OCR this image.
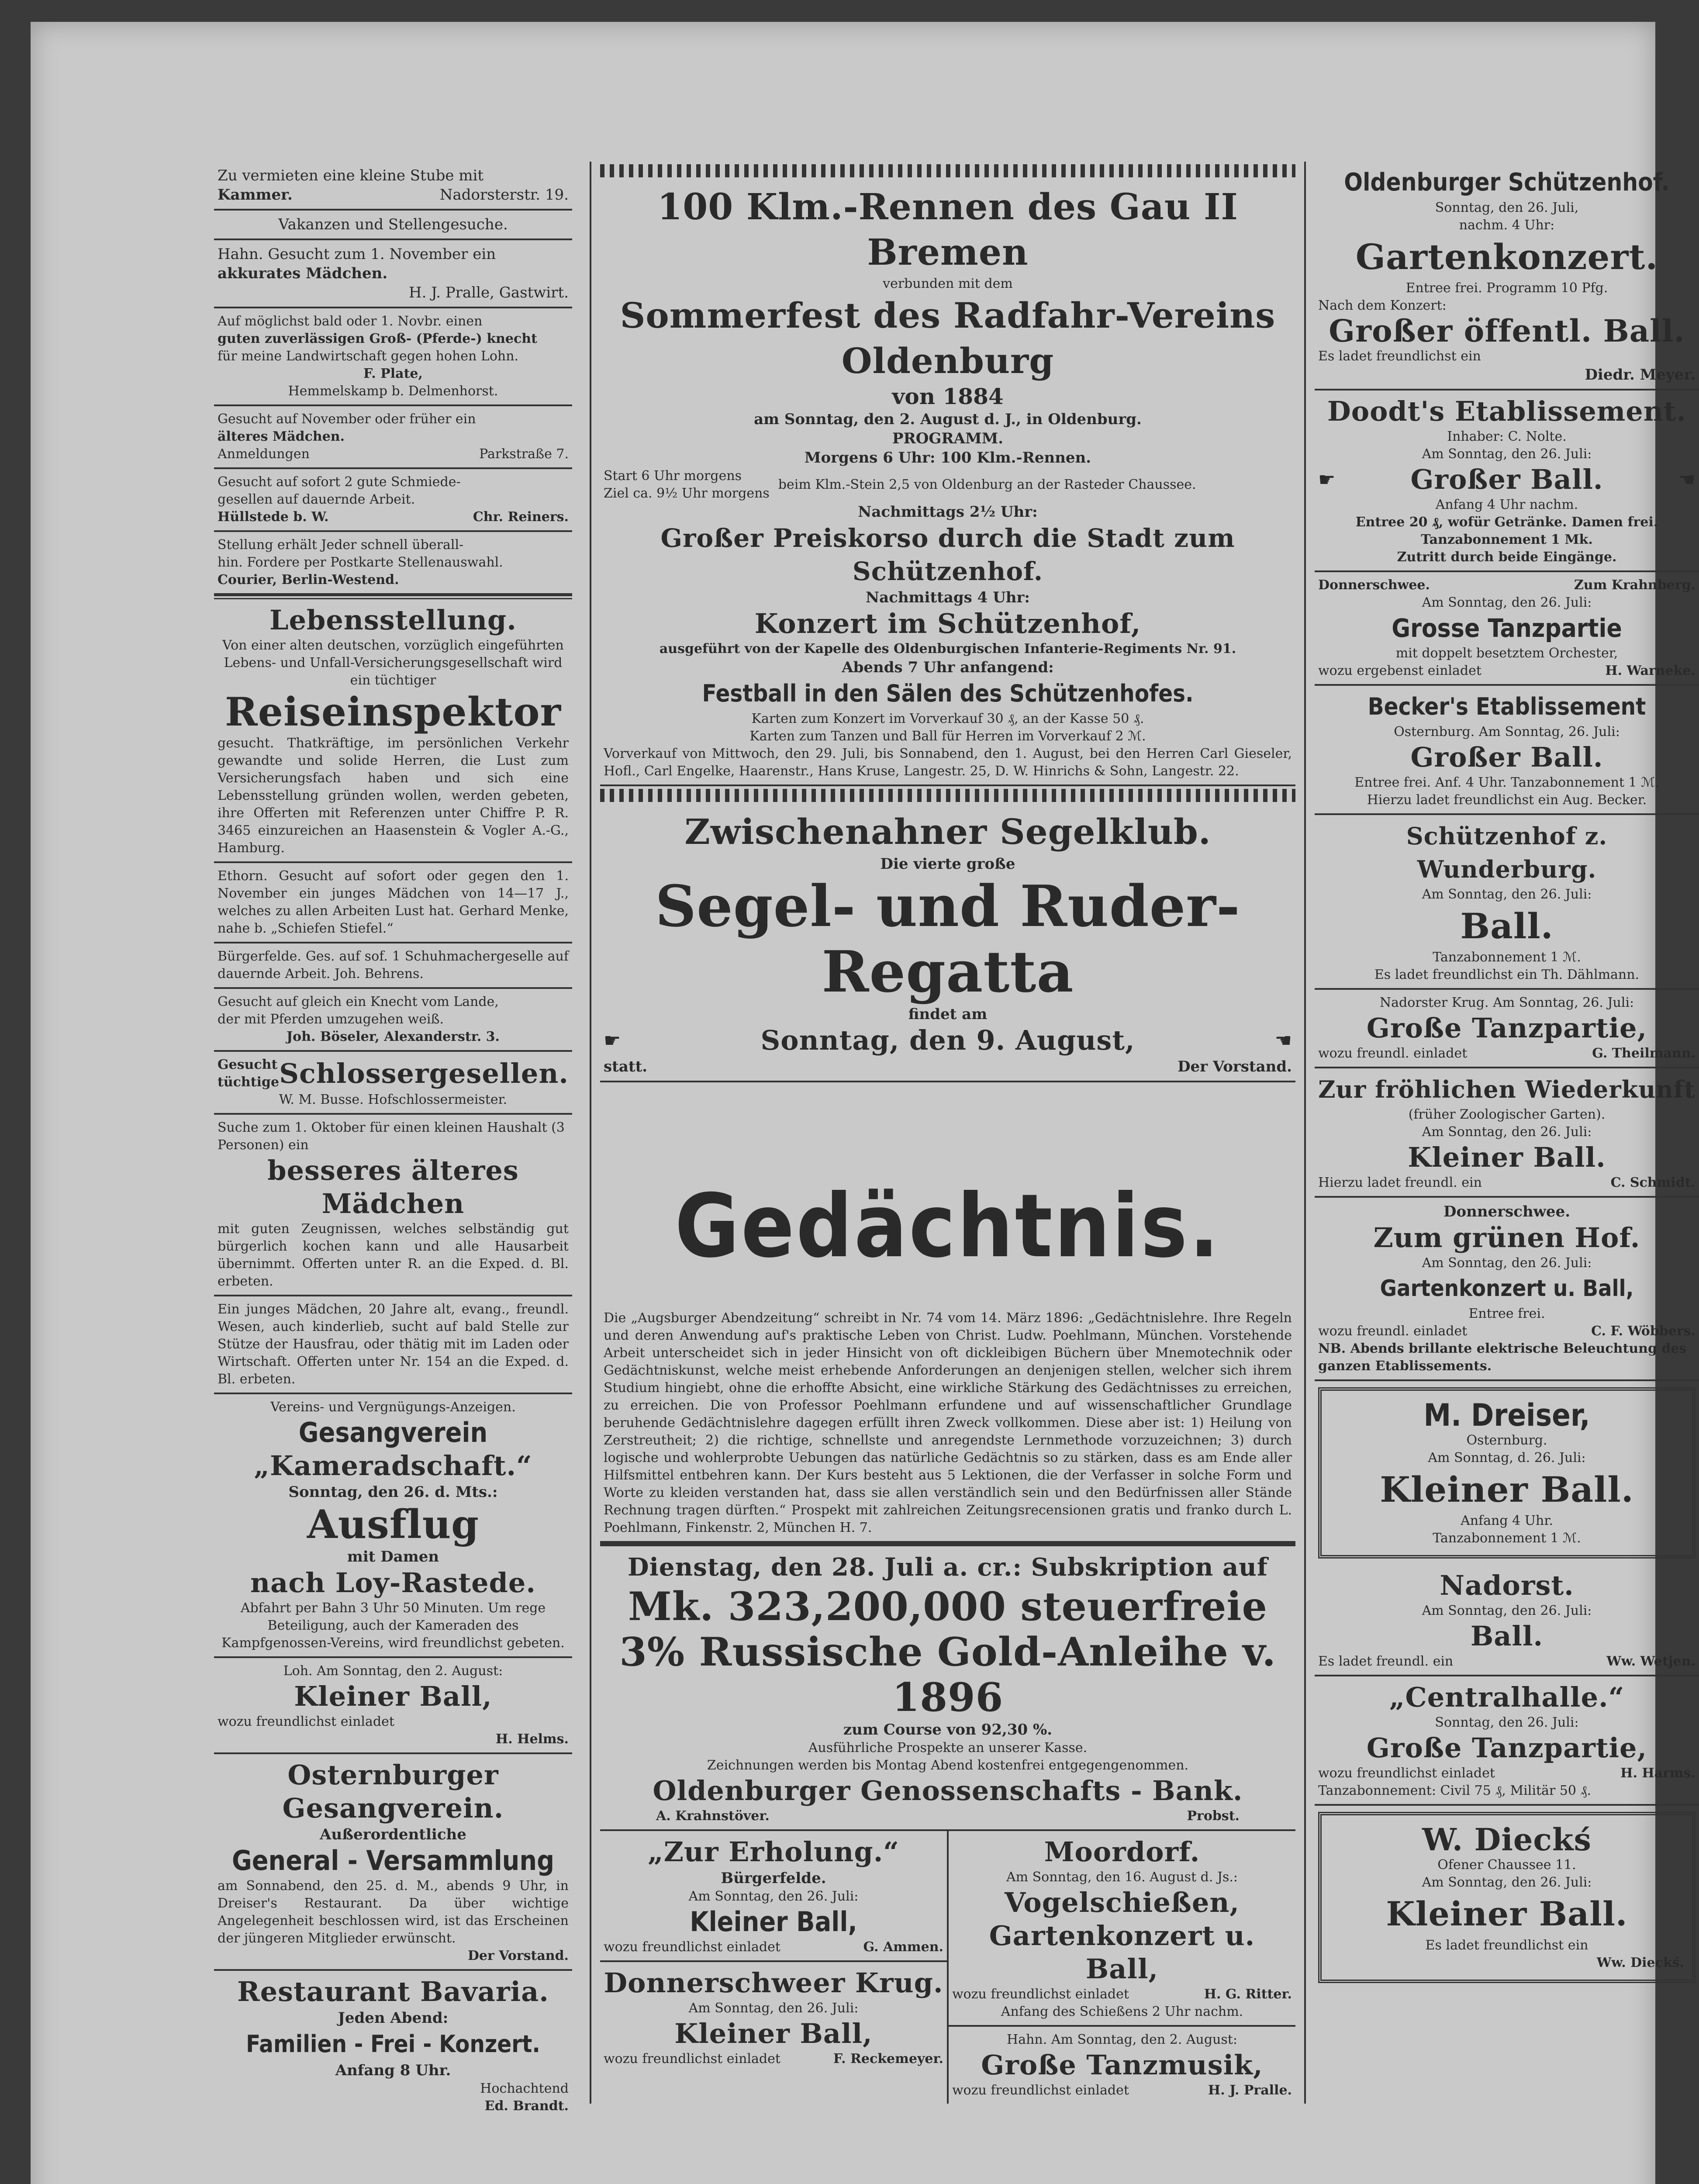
Zu vermieten eine kleine Stube mit
Kammer.	Nadorsterstr. 19.
Vakanzen und Stellengesuche.
Hahn. Gesucht zum 1. November ein
akkurates Mädchen.
H. J. Pralle, Gastwirt.
Auf möglichst bald oder 1. Novbr. einen
guten zuverlässigen Groß- (Pferde-) knecht
für meine Landwirtschaft gegen hohen Lohn.
F. Plate,
Hemmelskamp b. Delmenhorst.
Gesucht auf November oder früher ein
älteres Mädchen.
Anmeldungen	Parkstraße 7.
Gesucht auf sofort 2 gute Schmiede-
gesellen auf dauernde Arbeit.
Hüllstede b. W.	Chr. Reiners.
Stellung erhält Jeder schnell überall-
hin. Fordere per Postkarte Stellenauswahl.
Courier, Berlin-Westend.
Lebensstellung.
Von einer alten deutschen, vorzüglich eingeführten Lebens- und Unfall-Versicherungsgesellschaft wird ein tüchtiger
Reiseinspektor
gesucht. Thatkräftige, im persönlichen Verkehr gewandte und solide Herren, die Lust zum Versicherungsfach haben und sich eine Lebensstellung gründen wollen, werden gebeten, ihre Offerten mit Referenzen unter Chiffre P. R. 3465 einzureichen an Haasenstein & Vogler A.-G., Hamburg.
Ethorn. Gesucht auf sofort oder gegen den 1. November ein junges Mädchen von 14—17 J., welches zu allen Arbeiten Lust hat. Gerhard Menke, nahe b. „Schiefen Stiefel.“
Bürgerfelde. Ges. auf sof. 1 Schuhmachergeselle auf dauernde Arbeit. Joh. Behrens.
Gesucht auf gleich ein Knecht vom Lande,
der mit Pferden umzugehen weiß.
Joh. Böseler, Alexanderstr. 3.
Gesucht tüchtige Schlossergesellen.
W. M. Busse. Hofschlossermeister.
Suche zum 1. Oktober für einen kleinen Haushalt (3 Personen) ein
besseres älteres Mädchen
mit guten Zeugnissen, welches selbständig gut bürgerlich kochen kann und alle Hausarbeit übernimmt. Offerten unter R. an die Exped. d. Bl. erbeten.
Ein junges Mädchen, 20 Jahre alt, evang., freundl. Wesen, auch kinderlieb, sucht auf bald Stelle zur Stütze der Hausfrau, oder thätig mit im Laden oder Wirtschaft. Offerten unter Nr. 154 an die Exped. d. Bl. erbeten.
Vereins- und Vergnügungs-Anzeigen.
Gesangverein
„Kameradschaft.“
Sonntag, den 26. d. Mts.:
Ausflug
mit Damen
nach Loy-Rastede.
Abfahrt per Bahn 3 Uhr 50 Minuten. Um rege Beteiligung, auch der Kameraden des Kampfgenossen-Vereins, wird freundlichst gebeten.
Loh. Am Sonntag, den 2. August:
Kleiner Ball,
wozu freundlichst einladet
H. Helms.
Osternburger Gesangverein.
Außerordentliche
General - Versammlung
am Sonnabend, den 25. d. M., abends 9 Uhr, in Dreiser's Restaurant. Da über wichtige Angelegenheit beschlossen wird, ist das Erscheinen der jüngeren Mitglieder erwünscht.
Der Vorstand.
Restaurant Bavaria.
Jeden Abend:
Familien - Frei - Konzert.
Anfang 8 Uhr.
Hochachtend
Ed. Brandt.
100 Klm.-Rennen des Gau II Bremen
verbunden mit dem
Sommerfest des Radfahr-Vereins Oldenburg
von 1884
am Sonntag, den 2. August d. J., in Oldenburg.
PROGRAMM.
Morgens 6 Uhr: 100 Klm.-Rennen.
Start 6 Uhr morgens
Ziel ca. 9½ Uhr morgens
beim Klm.-Stein 2,5 von Oldenburg an der Rasteder Chaussee.
Nachmittags 2½ Uhr:
Großer Preiskorso durch die Stadt zum Schützenhof.
Nachmittags 4 Uhr:
Konzert im Schützenhof,
ausgeführt von der Kapelle des Oldenburgischen Infanterie-Regiments Nr. 91.
Abends 7 Uhr anfangend:
Festball in den Sälen des Schützenhofes.
Karten zum Konzert im Vorverkauf 30 ₰, an der Kasse 50 ₰.
Karten zum Tanzen und Ball für Herren im Vorverkauf 2 ℳ.
Vorverkauf von Mittwoch, den 29. Juli, bis Sonnabend, den 1. August, bei den Herren Carl Gieseler, Hofl., Carl Engelke, Haarenstr., Hans Kruse, Langestr. 25, D. W. Hinrichs & Sohn, Langestr. 22.
Zwischenahner Segelklub.
Die vierte große
Segel- und Ruder-Regatta
findet am
☛	Sonntag, den 9. August,	☚
statt.	Der Vorstand.
Gedächtnis.
Die „Augsburger Abendzeitung“ schreibt in Nr. 74 vom 14. März 1896: „Gedächtnislehre. Ihre Regeln und deren Anwendung auf's praktische Leben von Christ. Ludw. Poehlmann, München. Vorstehende Arbeit unterscheidet sich in jeder Hinsicht von oft dickleibigen Büchern über Mnemotechnik oder Gedächtniskunst, welche meist erhebende Anforderungen an denjenigen stellen, welcher sich ihrem Studium hingiebt, ohne die erhoffte Absicht, eine wirkliche Stärkung des Gedächtnisses zu erreichen, zu erreichen. Die von Professor Poehlmann erfundene und auf wissenschaftlicher Grundlage beruhende Gedächtnislehre dagegen erfüllt ihren Zweck vollkommen. Diese aber ist: 1) Heilung von Zerstreutheit; 2) die richtige, schnellste und anregendste Lernmethode vorzuzeichnen; 3) durch logische und wohlerprobte Uebungen das natürliche Gedächtnis so zu stärken, dass es am Ende aller Hilfsmittel entbehren kann. Der Kurs besteht aus 5 Lektionen, die der Verfasser in solche Form und Worte zu kleiden verstanden hat, dass sie allen verständlich sein und den Bedürfnissen aller Stände Rechnung tragen dürften.“ Prospekt mit zahlreichen Zeitungsrecensionen gratis und franko durch L. Poehlmann, Finkenstr. 2, München H. 7.
Dienstag, den 28. Juli a. cr.: Subskription auf
Mk. 323,200,000 steuerfreie
3% Russische Gold-Anleihe v. 1896
zum Course von 92,30 %.
Ausführliche Prospekte an unserer Kasse.
Zeichnungen werden bis Montag Abend kostenfrei entgegengenommen.
Oldenburger Genossenschafts - Bank.
A. Krahnstöver.	Probst.
„Zur Erholung.“
Bürgerfelde.
Am Sonntag, den 26. Juli:
Kleiner Ball,
wozu freundlichst einladet	G. Ammen.
Donnerschweer Krug.
Am Sonntag, den 26. Juli:
Kleiner Ball,
wozu freundlichst einladet	F. Reckemeyer.
Moordorf.
Am Sonntag, den 16. August d. Js.:
Vogelschießen,
Gartenkonzert u. Ball,
wozu freundlichst einladet	H. G. Ritter.
Anfang des Schießens 2 Uhr nachm.
Hahn. Am Sonntag, den 2. August:
Große Tanzmusik,
wozu freundlichst einladet	H. J. Pralle.
Oldenburger Schützenhof.
Sonntag, den 26. Juli,
nachm. 4 Uhr:
Gartenkonzert.
Entree frei. Programm 10 Pfg.
Nach dem Konzert:
Großer öffentl. Ball.
Es ladet freundlichst ein
Diedr. Meyer.
Doodt's Etablissement.
Inhaber: C. Nolte.
Am Sonntag, den 26. Juli:
☛	Großer Ball.	☚
Anfang 4 Uhr nachm.
Entree 20 ₰, wofür Getränke. Damen frei.
Tanzabonnement 1 Mk.
Zutritt durch beide Eingänge.
Donnerschwee.	Zum Krahnberg.
Am Sonntag, den 26. Juli:
Grosse Tanzpartie
mit doppelt besetztem Orchester,
wozu ergebenst einladet	H. Warneke.
Becker's Etablissement
Osternburg. Am Sonntag, 26. Juli:
Großer Ball.
Entree frei. Anf. 4 Uhr. Tanzabonnement 1 ℳ.
Hierzu ladet freundlichst ein Aug. Becker.
Schützenhof z. Wunderburg.
Am Sonntag, den 26. Juli:
Ball.
Tanzabonnement 1 ℳ.
Es ladet freundlichst ein Th. Dählmann.
Nadorster Krug. Am Sonntag, 26. Juli:
Große Tanzpartie,
wozu freundl. einladet	G. Theilmann.
Zur fröhlichen Wiederkunft
(früher Zoologischer Garten).
Am Sonntag, den 26. Juli:
Kleiner Ball.
Hierzu ladet freundl. ein	C. Schmidt.
Donnerschwee.
Zum grünen Hof.
Am Sonntag, den 26. Juli:
Gartenkonzert u. Ball,
Entree frei.
wozu freundl. einladet	C. F. Wöbbers.
NB. Abends brillante elektrische Beleuchtung des ganzen Etablissements.
M. Dreiser,
Osternburg.
Am Sonntag, d. 26. Juli:
Kleiner Ball.
Anfang 4 Uhr.
Tanzabonnement 1 ℳ.
Nadorst.
Am Sonntag, den 26. Juli:
Ball.
Es ladet freundl. ein	Ww. Wetjen.
„Centralhalle.“
Sonntag, den 26. Juli:
Große Tanzpartie,
wozu freundlichst einladet	H. Harms.
Tanzabonnement: Civil 75 ₰, Militär 50 ₰.
W. Dieckś
Ofener Chaussee 11.
Am Sonntag, den 26. Juli:
Kleiner Ball.
Es ladet freundlichst ein
Ww. Dieckś.
